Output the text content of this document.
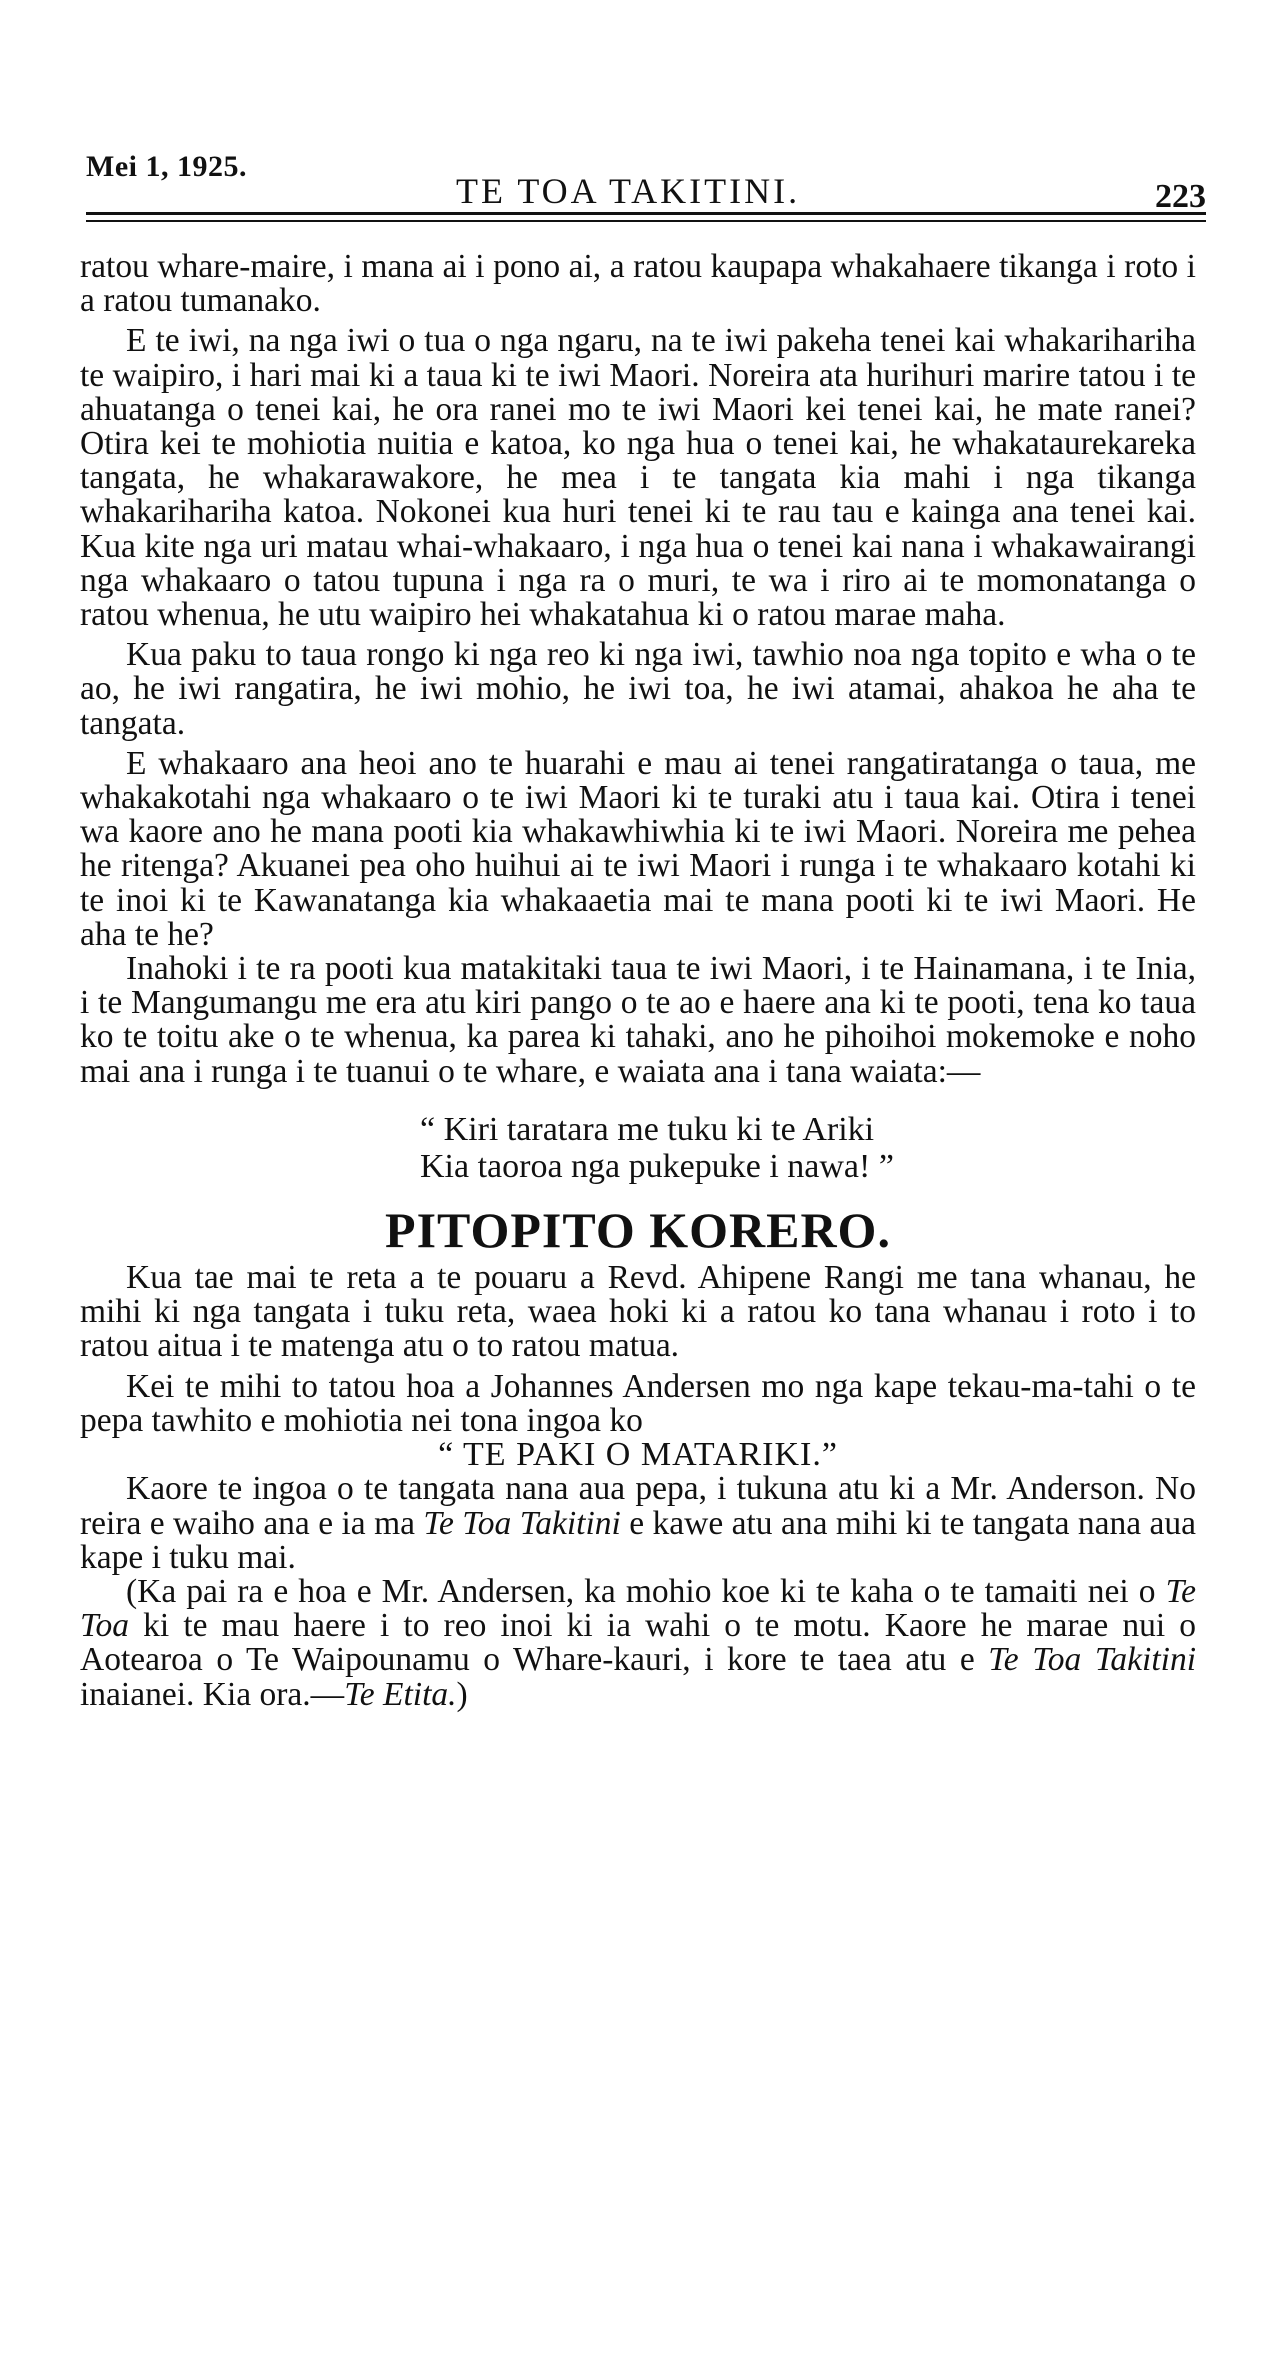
Mei 1, 1925.
TE TOA TAKITINI.	223

ratou whare-maire, i mana ai i pono ai, a ratou kaupapa whakahaere tikanga i roto i a ratou tumanako.

E te iwi, na nga iwi o tua o nga ngaru, na te iwi pakeha tenei kai whakarihariha te waipiro, i hari mai ki a taua ki te iwi Maori. Noreira ata hurihuri marire tatou i te ahuatanga o tenei kai, he ora ranei mo te iwi Maori kei tenei kai, he mate ranei? Otira kei te mohiotia nuitia e katoa, ko nga hua o tenei kai, he whakataurekareka tangata, he whakarawakore, he mea i te tangata kia mahi i nga tikanga whakarihariha katoa. Nokonei kua huri tenei ki te rau tau e kainga ana tenei kai. Kua kite nga uri matau whai-whakaaro, i nga hua o tenei kai nana i whakawairangi nga whakaaro o tatou tupuna i nga ra o muri, te wa i riro ai te momonatanga o ratou whenua, he utu waipiro hei whakatahua ki o ratou marae maha.

Kua paku to taua rongo ki nga reo ki nga iwi, tawhio noa nga topito e wha o te ao, he iwi rangatira, he iwi mohio, he iwi toa, he iwi atamai, ahakoa he aha te tangata.

E whakaaro ana heoi ano te huarahi e mau ai tenei rangatiratanga o taua, me whakakotahi nga whakaaro o te iwi Maori ki te turaki atu i taua kai. Otira i tenei wa kaore ano he mana pooti kia whakawhiwhia ki te iwi Maori. Noreira me pehea he ritenga? Akuanei pea oho huihui ai te iwi Maori i runga i te whakaaro kotahi ki te inoi ki te Kawanatanga kia whakaaetia mai te mana pooti ki te iwi Maori. He aha te he?

Inahoki i te ra pooti kua matakitaki taua te iwi Maori, i te Hainamana, i te Inia, i te Mangumangu me era atu kiri pango o te ao e haere ana ki te pooti, tena ko taua ko te toitu ake o te whenua, ka parea ki tahaki, ano he pihoihoi mokemoke e noho mai ana i runga i te tuanui o te whare, e waiata ana i tana waiata:—

“ Kiri taratara me tuku ki te Ariki
Kia taoroa nga pukepuke i nawa! ”
PITOPITO KORERO.

Kua tae mai te reta a te pouaru a Revd. Ahipene Rangi me tana whanau, he mihi ki nga tangata i tuku reta, waea hoki ki a ratou ko tana whanau i roto i to ratou aitua i te matenga atu o to ratou matua.

Kei te mihi to tatou hoa a Johannes Andersen mo nga kape tekau-ma-tahi o te pepa tawhito e mohiotia nei tona ingoa ko

“ TE PAKI O MATARIKI.”

Kaore te ingoa o te tangata nana aua pepa, i tukuna atu ki a Mr. Anderson. No reira e waiho ana e ia ma Te Toa Takitini e kawe atu ana mihi ki te tangata nana aua kape i tuku mai.

(Ka pai ra e hoa e Mr. Andersen, ka mohio koe ki te kaha o te tamaiti nei o Te Toa ki te mau haere i to reo inoi ki ia wahi o te motu. Kaore he marae nui o Aotearoa o Te Waipounamu o Whare-kauri, i kore te taea atu e Te Toa Takitini inaianei. Kia ora.—Te Etita.)
